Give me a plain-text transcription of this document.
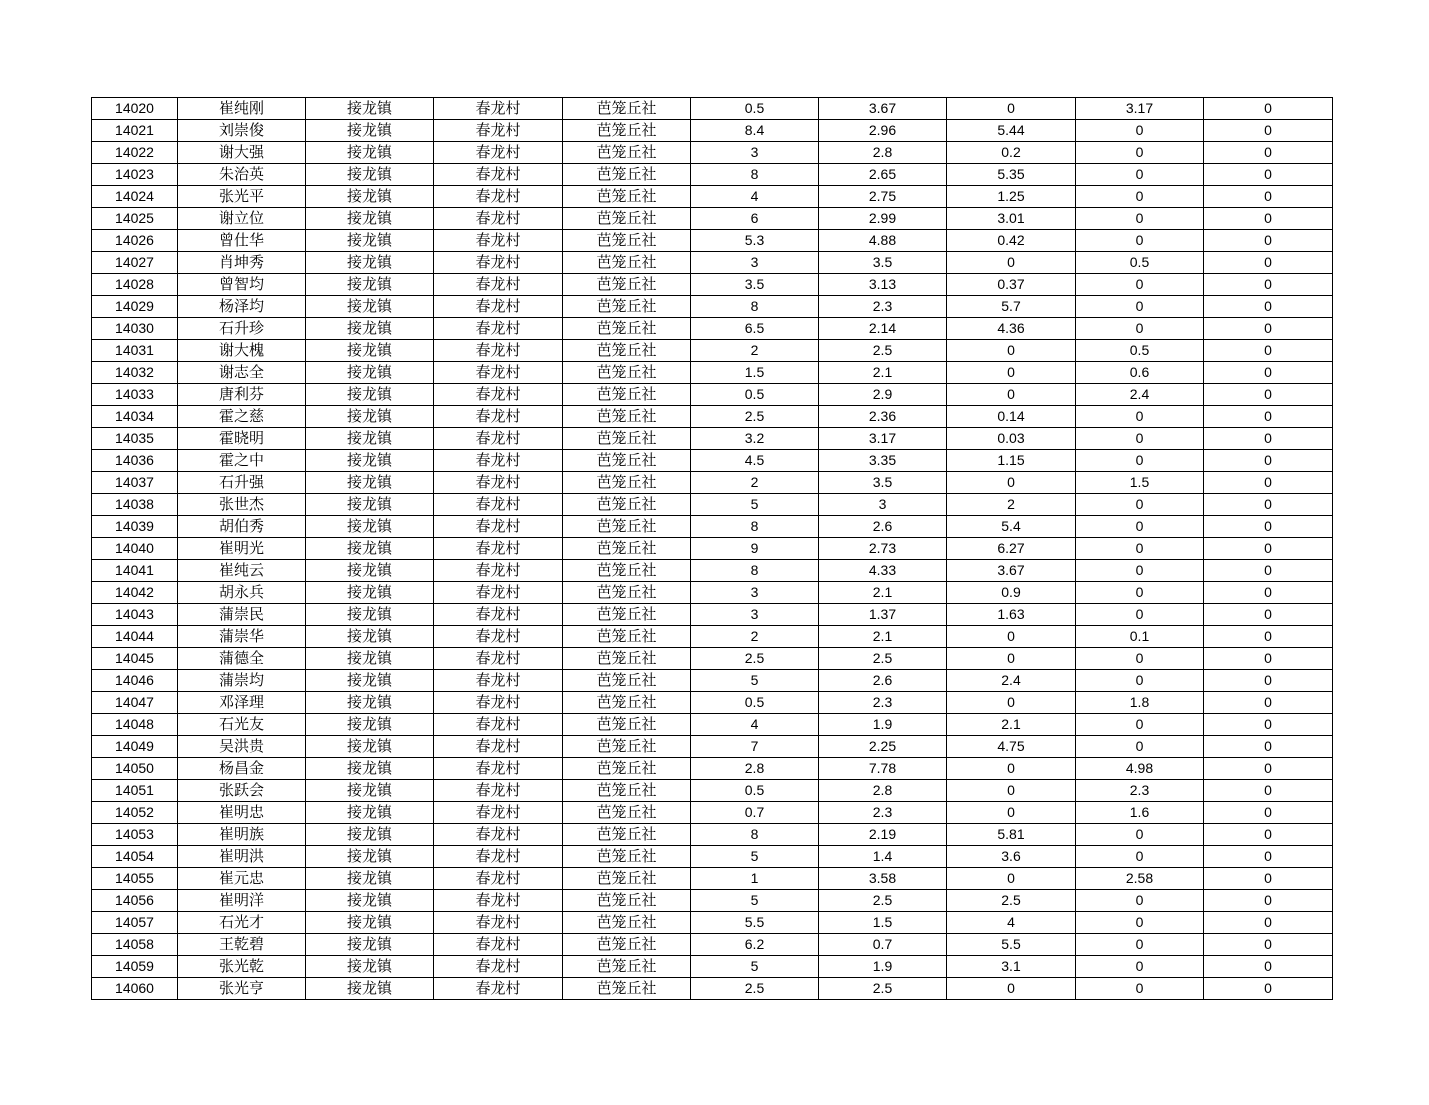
14020	崔纯刚	接龙镇	春龙村	芭笼丘社	0.5	3.67	0	3.17	0
14021	刘崇俊	接龙镇	春龙村	芭笼丘社	8.4	2.96	5.44	0	0
14022	谢大强	接龙镇	春龙村	芭笼丘社	3	2.8	0.2	0	0
14023	朱治英	接龙镇	春龙村	芭笼丘社	8	2.65	5.35	0	0
14024	张光平	接龙镇	春龙村	芭笼丘社	4	2.75	1.25	0	0
14025	谢立位	接龙镇	春龙村	芭笼丘社	6	2.99	3.01	0	0
14026	曾仕华	接龙镇	春龙村	芭笼丘社	5.3	4.88	0.42	0	0
14027	肖坤秀	接龙镇	春龙村	芭笼丘社	3	3.5	0	0.5	0
14028	曾智均	接龙镇	春龙村	芭笼丘社	3.5	3.13	0.37	0	0
14029	杨泽均	接龙镇	春龙村	芭笼丘社	8	2.3	5.7	0	0
14030	石升珍	接龙镇	春龙村	芭笼丘社	6.5	2.14	4.36	0	0
14031	谢大槐	接龙镇	春龙村	芭笼丘社	2	2.5	0	0.5	0
14032	谢志全	接龙镇	春龙村	芭笼丘社	1.5	2.1	0	0.6	0
14033	唐利芬	接龙镇	春龙村	芭笼丘社	0.5	2.9	0	2.4	0
14034	霍之慈	接龙镇	春龙村	芭笼丘社	2.5	2.36	0.14	0	0
14035	霍晓明	接龙镇	春龙村	芭笼丘社	3.2	3.17	0.03	0	0
14036	霍之中	接龙镇	春龙村	芭笼丘社	4.5	3.35	1.15	0	0
14037	石升强	接龙镇	春龙村	芭笼丘社	2	3.5	0	1.5	0
14038	张世杰	接龙镇	春龙村	芭笼丘社	5	3	2	0	0
14039	胡伯秀	接龙镇	春龙村	芭笼丘社	8	2.6	5.4	0	0
14040	崔明光	接龙镇	春龙村	芭笼丘社	9	2.73	6.27	0	0
14041	崔纯云	接龙镇	春龙村	芭笼丘社	8	4.33	3.67	0	0
14042	胡永兵	接龙镇	春龙村	芭笼丘社	3	2.1	0.9	0	0
14043	蒲崇民	接龙镇	春龙村	芭笼丘社	3	1.37	1.63	0	0
14044	蒲崇华	接龙镇	春龙村	芭笼丘社	2	2.1	0	0.1	0
14045	蒲德全	接龙镇	春龙村	芭笼丘社	2.5	2.5	0	0	0
14046	蒲崇均	接龙镇	春龙村	芭笼丘社	5	2.6	2.4	0	0
14047	邓泽理	接龙镇	春龙村	芭笼丘社	0.5	2.3	0	1.8	0
14048	石光友	接龙镇	春龙村	芭笼丘社	4	1.9	2.1	0	0
14049	吴洪贵	接龙镇	春龙村	芭笼丘社	7	2.25	4.75	0	0
14050	杨昌金	接龙镇	春龙村	芭笼丘社	2.8	7.78	0	4.98	0
14051	张跃会	接龙镇	春龙村	芭笼丘社	0.5	2.8	0	2.3	0
14052	崔明忠	接龙镇	春龙村	芭笼丘社	0.7	2.3	0	1.6	0
14053	崔明族	接龙镇	春龙村	芭笼丘社	8	2.19	5.81	0	0
14054	崔明洪	接龙镇	春龙村	芭笼丘社	5	1.4	3.6	0	0
14055	崔元忠	接龙镇	春龙村	芭笼丘社	1	3.58	0	2.58	0
14056	崔明洋	接龙镇	春龙村	芭笼丘社	5	2.5	2.5	0	0
14057	石光才	接龙镇	春龙村	芭笼丘社	5.5	1.5	4	0	0
14058	王乾碧	接龙镇	春龙村	芭笼丘社	6.2	0.7	5.5	0	0
14059	张光乾	接龙镇	春龙村	芭笼丘社	5	1.9	3.1	0	0
14060	张光亨	接龙镇	春龙村	芭笼丘社	2.5	2.5	0	0	0
